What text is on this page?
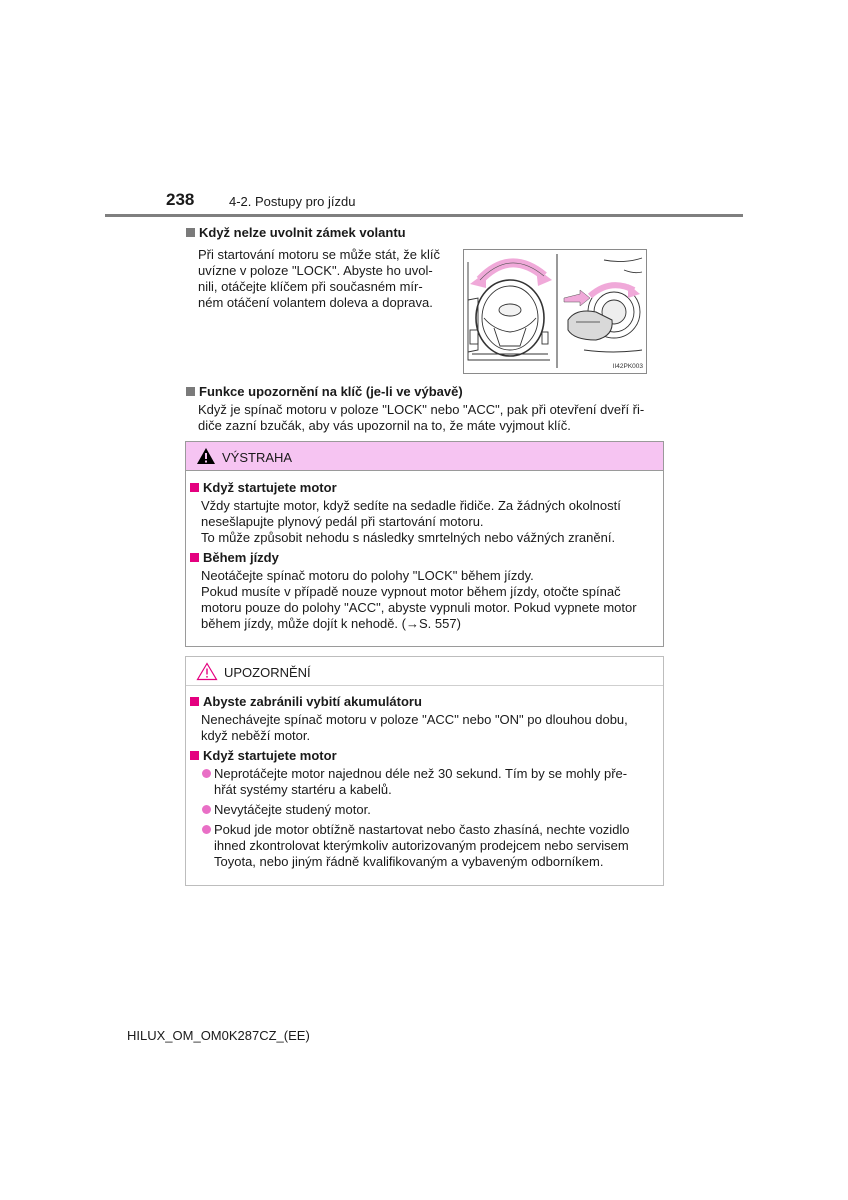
238	4-2. Postupy pro jízdu
Když nelze uvolnit zámek volantu
Při startování motoru se může stát, že klíč
uvízne v poloze "LOCK". Abyste ho uvol-
nili, otáčejte klíčem při současném mír-
ném otáčení volantem doleva a doprava.
II42PK003
Funkce upozornění na klíč (je-li ve výbavě)
Když je spínač motoru v poloze "LOCK" nebo "ACC", pak při otevření dveří ři-
diče zazní bzučák, aby vás upozornil na to, že máte vyjmout klíč.
VÝSTRAHA
Když startujete motor
Vždy startujte motor, když sedíte na sedadle řidiče. Za žádných okolností
nesešlapujte plynový pedál při startování motoru.
To může způsobit nehodu s následky smrtelných nebo vážných zranění.
Během jízdy
Neotáčejte spínač motoru do polohy "LOCK" během jízdy.
Pokud musíte v případě nouze vypnout motor během jízdy, otočte spínač
motoru pouze do polohy "ACC", abyste vypnuli motor. Pokud vypnete motor
během jízdy, může dojít k nehodě. (→S. 557)
UPOZORNĚNÍ
Abyste zabránili vybití akumulátoru
Nenechávejte spínač motoru v poloze "ACC" nebo "ON" po dlouhou dobu,
když neběží motor.
Když startujete motor
Neprotáčejte motor najednou déle než 30 sekund. Tím by se mohly pře-
hřát systémy startéru a kabelů.
Nevytáčejte studený motor.
Pokud jde motor obtížně nastartovat nebo často zhasíná, nechte vozidlo
ihned zkontrolovat kterýmkoliv autorizovaným prodejcem nebo servisem
Toyota, nebo jiným řádně kvalifikovaným a vybaveným odborníkem.
HILUX_OM_OM0K287CZ_(EE)
